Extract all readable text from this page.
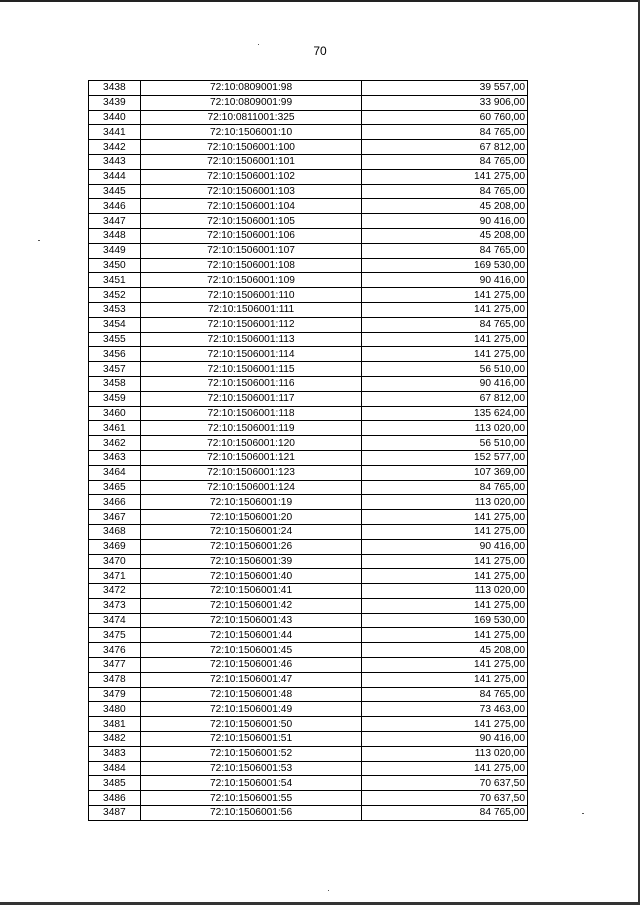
70
3438	72:10:0809001:98	39 557,00
3439	72:10:0809001:99	33 906,00
3440	72:10:0811001:325	60 760,00
3441	72:10:1506001:10	84 765,00
3442	72:10:1506001:100	67 812,00
3443	72:10:1506001:101	84 765,00
3444	72:10:1506001:102	141 275,00
3445	72:10:1506001:103	84 765,00
3446	72:10:1506001:104	45 208,00
3447	72:10:1506001:105	90 416,00
3448	72:10:1506001:106	45 208,00
3449	72:10:1506001:107	84 765,00
3450	72:10:1506001:108	169 530,00
3451	72:10:1506001:109	90 416,00
3452	72:10:1506001:110	141 275,00
3453	72:10:1506001:111	141 275,00
3454	72:10:1506001:112	84 765,00
3455	72:10:1506001:113	141 275,00
3456	72:10:1506001:114	141 275,00
3457	72:10:1506001:115	56 510,00
3458	72:10:1506001:116	90 416,00
3459	72:10:1506001:117	67 812,00
3460	72:10:1506001:118	135 624,00
3461	72:10:1506001:119	113 020,00
3462	72:10:1506001:120	56 510,00
3463	72:10:1506001:121	152 577,00
3464	72:10:1506001:123	107 369,00
3465	72:10:1506001:124	84 765,00
3466	72:10:1506001:19	113 020,00
3467	72:10:1506001:20	141 275,00
3468	72:10:1506001:24	141 275,00
3469	72:10:1506001:26	90 416,00
3470	72:10:1506001:39	141 275,00
3471	72:10:1506001:40	141 275,00
3472	72:10:1506001:41	113 020,00
3473	72:10:1506001:42	141 275,00
3474	72:10:1506001:43	169 530,00
3475	72:10:1506001:44	141 275,00
3476	72:10:1506001:45	45 208,00
3477	72:10:1506001:46	141 275,00
3478	72:10:1506001:47	141 275,00
3479	72:10:1506001:48	84 765,00
3480	72:10:1506001:49	73 463,00
3481	72:10:1506001:50	141 275,00
3482	72:10:1506001:51	90 416,00
3483	72:10:1506001:52	113 020,00
3484	72:10:1506001:53	141 275,00
3485	72:10:1506001:54	70 637,50
3486	72:10:1506001:55	70 637,50
3487	72:10:1506001:56	84 765,00
